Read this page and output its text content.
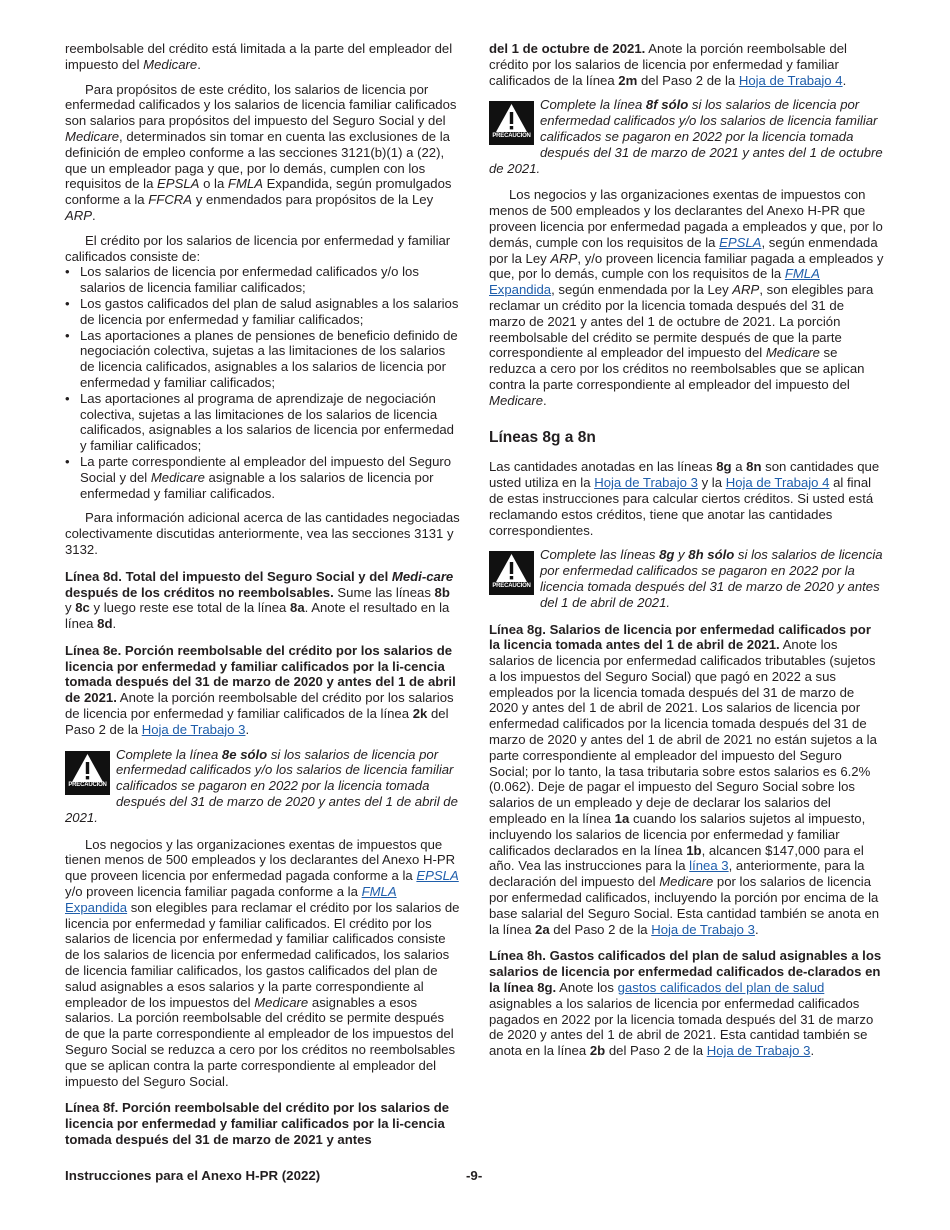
reembolsable del crédito está limitada a la parte del empleador del impuesto del Medicare.

Para propósitos de este crédito, los salarios de licencia por enfermedad calificados y los salarios de licencia familiar calificados son salarios para propósitos del impuesto del Seguro Social y del Medicare, determinados sin tomar en cuenta las exclusiones de la definición de empleo conforme a las secciones 3121(b)(1) a (22), que un empleador paga y que, por lo demás, cumplen con los requisitos de la EPSLA o la FMLA Expandida, según promulgados conforme a la FFCRA y enmendados para propósitos de la Ley ARP.

El crédito por los salarios de licencia por enfermedad y familiar calificados consiste de:

• Los salarios de licencia por enfermedad calificados y/o los salarios de licencia familiar calificados;

• Los gastos calificados del plan de salud asignables a los salarios de licencia por enfermedad y familiar calificados;

• Las aportaciones a planes de pensiones de beneficio definido de negociación colectiva, sujetas a las limitaciones de los salarios de licencia calificados, asignables a los salarios de licencia por enfermedad y familiar calificados;

• Las aportaciones al programa de aprendizaje de negociación colectiva, sujetas a las limitaciones de los salarios de licencia calificados, asignables a los salarios de licencia por enfermedad y familiar calificados;

• La parte correspondiente al empleador del impuesto del Seguro Social y del Medicare asignable a los salarios de licencia por enfermedad y familiar calificados.

Para información adicional acerca de las cantidades negociadas colectivamente discutidas anteriormente, vea las secciones 3131 y 3132.

Línea 8d. Total del impuesto del Seguro Social y del Medi-care después de los créditos no reembolsables. Sume las líneas 8b y 8c y luego reste ese total de la línea 8a. Anote el resultado en la línea 8d.

Línea 8e. Porción reembolsable del crédito por los salarios de licencia por enfermedad y familiar calificados por la li-cencia tomada después del 31 de marzo de 2020 y antes del 1 de abril de 2021. Anote la porción reembolsable del crédito por los salarios de licencia por enfermedad y familiar calificados de la línea 2k del Paso 2 de la Hoja de Trabajo 3.

PRECAUCION
Complete la línea 8e sólo si los salarios de licencia por enfermedad calificados y/o los salarios de licencia familiar calificados se pagaron en 2022 por la licencia tomada después del 31 de marzo de 2020 y antes del 1 de abril de 2021.

Los negocios y las organizaciones exentas de impuestos que tienen menos de 500 empleados y los declarantes del Anexo H-PR que proveen licencia por enfermedad pagada conforme a la EPSLA y/o proveen licencia familiar pagada conforme a la FMLA Expandida son elegibles para reclamar el crédito por los salarios de licencia por enfermedad y familiar calificados. El crédito por los salarios de licencia por enfermedad y familiar calificados consiste de los salarios de licencia por enfermedad calificados, los salarios de licencia familiar calificados, los gastos calificados del plan de salud asignables a esos salarios y la parte correspondiente al empleador de los impuestos del Medicare asignables a esos salarios. La porción reembolsable del crédito se permite después de que la parte correspondiente al empleador de los impuestos del Seguro Social se reduzca a cero por los créditos no reembolsables que se aplican contra la parte correspondiente al empleador del impuesto del Seguro Social.

Línea 8f. Porción reembolsable del crédito por los salarios de licencia por enfermedad y familiar calificados por la li-cencia tomada después del 31 de marzo de 2021 y antes

del 1 de octubre de 2021. Anote la porción reembolsable del crédito por los salarios de licencia por enfermedad y familiar calificados de la línea 2m del Paso 2 de la Hoja de Trabajo 4.

PRECAUCION
Complete la línea 8f sólo si los salarios de licencia por enfermedad calificados y/o los salarios de licencia familiar calificados se pagaron en 2022 por la licencia tomada después del 31 de marzo de 2021 y antes del 1 de octubre de 2021.

Los negocios y las organizaciones exentas de impuestos con menos de 500 empleados y los declarantes del Anexo H-PR que proveen licencia por enfermedad pagada a empleados y que, por lo demás, cumple con los requisitos de la EPSLA, según enmendada por la Ley ARP, y/o proveen licencia familiar pagada a empleados y que, por lo demás, cumple con los requisitos de la FMLA Expandida, según enmendada por la Ley ARP, son elegibles para reclamar un crédito por la licencia tomada después del 31 de marzo de 2021 y antes del 1 de octubre de 2021. La porción reembolsable del crédito se permite después de que la parte correspondiente al empleador del impuesto del Medicare se reduzca a cero por los créditos no reembolsables que se aplican contra la parte correspondiente al empleador del impuesto del Medicare.

Líneas 8g a 8n

Las cantidades anotadas en las líneas 8g a 8n son cantidades que usted utiliza en la Hoja de Trabajo 3 y la Hoja de Trabajo 4 al final de estas instrucciones para calcular ciertos créditos. Si usted está reclamando estos créditos, tiene que anotar las cantidades correspondientes.

PRECAUCION
Complete las líneas 8g y 8h sólo si los salarios de licencia por enfermedad calificados se pagaron en 2022 por la licencia tomada después del 31 de marzo de 2020 y antes del 1 de abril de 2021.

Línea 8g. Salarios de licencia por enfermedad calificados por la licencia tomada antes del 1 de abril de 2021. Anote los salarios de licencia por enfermedad calificados tributables (sujetos a los impuestos del Seguro Social) que pagó en 2022 a sus empleados por la licencia tomada después del 31 de marzo de 2020 y antes del 1 de abril de 2021. Los salarios de licencia por enfermedad calificados por la licencia tomada después del 31 de marzo de 2020 y antes del 1 de abril de 2021 no están sujetos a la parte correspondiente al empleador del impuesto del Seguro Social; por lo tanto, la tasa tributaria sobre estos salarios es 6.2% (0.062). Deje de pagar el impuesto del Seguro Social sobre los salarios de un empleado y deje de declarar los salarios del empleado en la línea 1a cuando los salarios sujetos al impuesto, incluyendo los salarios de licencia por enfermedad y familiar calificados declarados en la línea 1b, alcancen $147,000 para el año. Vea las instrucciones para la línea 3, anteriormente, para la declaración del impuesto del Medicare por los salarios de licencia por enfermedad calificados, incluyendo la porción por encima de la base salarial del Seguro Social. Esta cantidad también se anota en la línea 2a del Paso 2 de la Hoja de Trabajo 3.

Línea 8h. Gastos calificados del plan de salud asignables a los salarios de licencia por enfermedad calificados de-clarados en la línea 8g. Anote los gastos calificados del plan de salud asignables a los salarios de licencia por enfermedad calificados pagados en 2022 por la licencia tomada después del 31 de marzo de 2020 y antes del 1 de abril de 2021. Esta cantidad también se anota en la línea 2b del Paso 2 de la Hoja de Trabajo 3.

Instrucciones para el Anexo H-PR (2022)	-9-
